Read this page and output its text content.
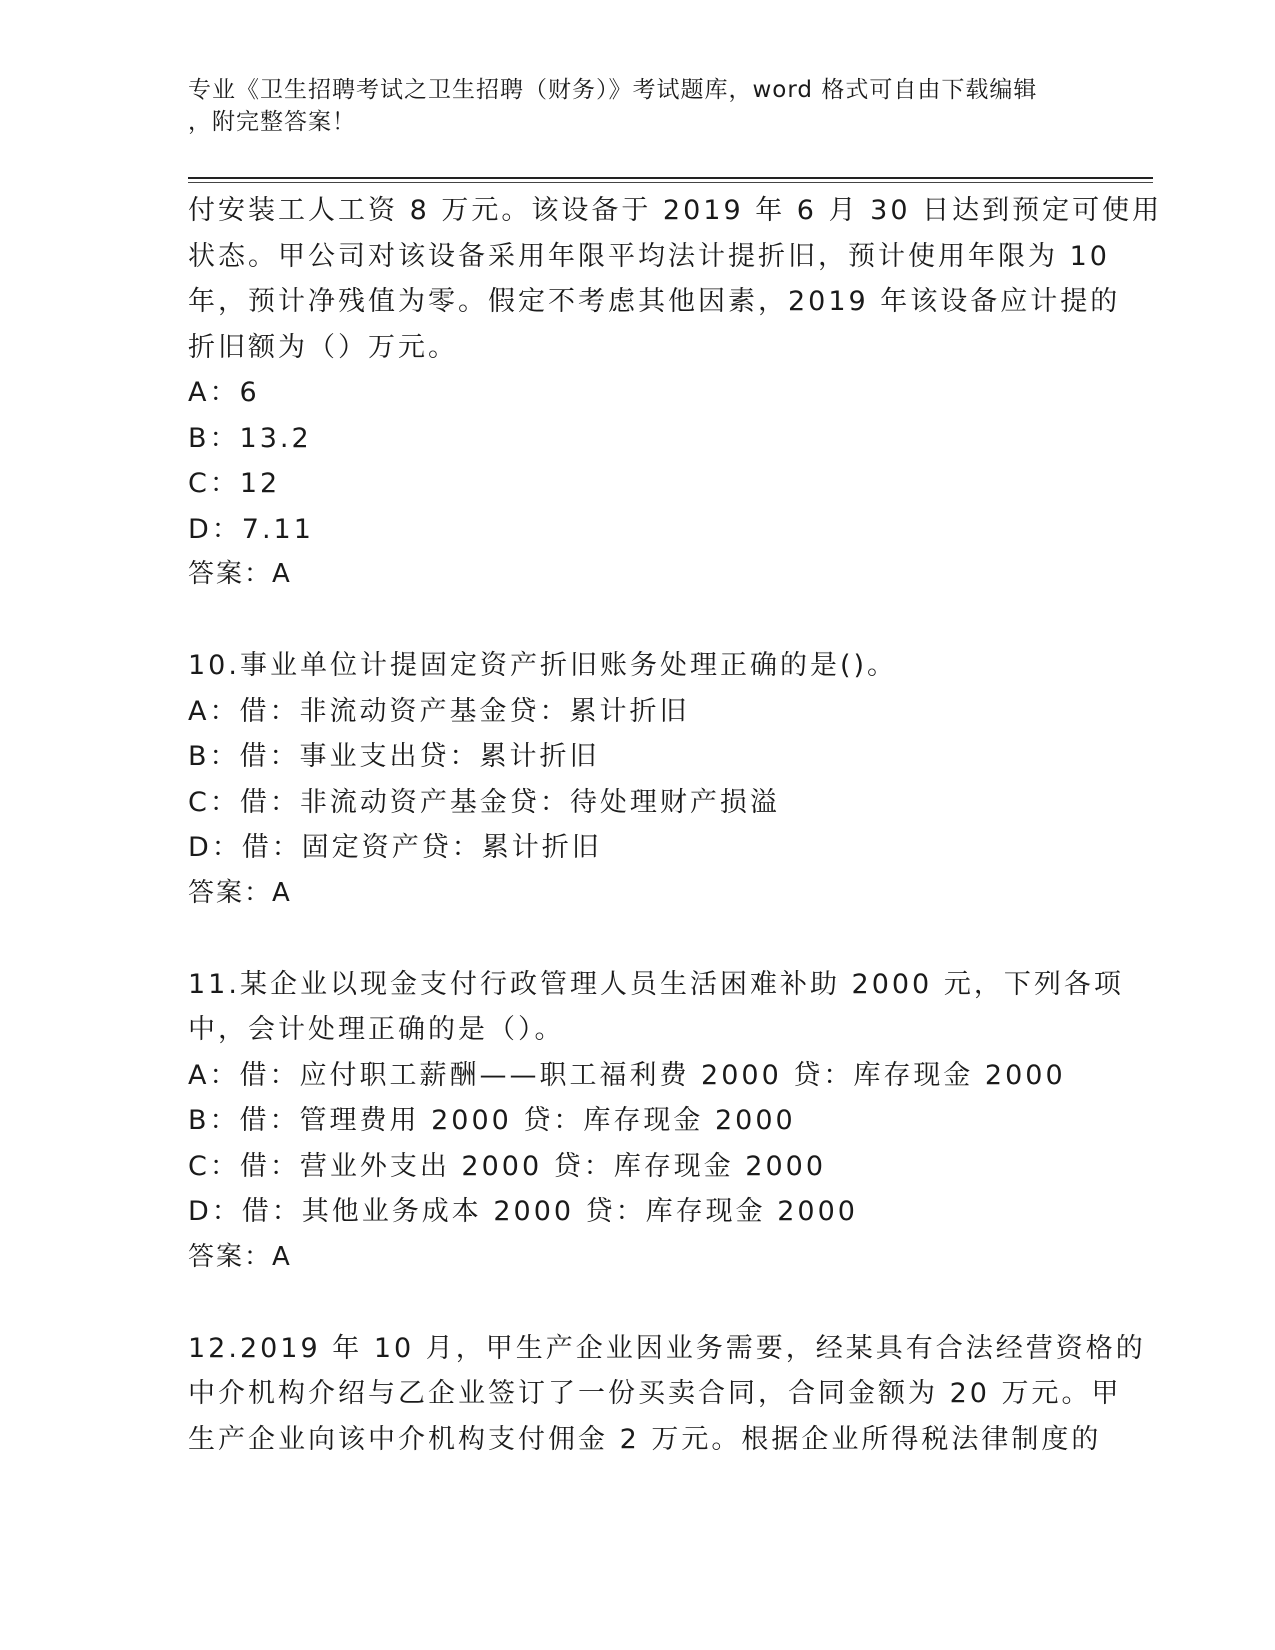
专业《卫生招聘考试之卫生招聘（财务）》考试题库，word 格式可自由下载编辑
，附完整答案！
付安装工人工资 8 万元。该设备于 2019 年 6 月 30 日达到预定可使用
状态。甲公司对该设备采用年限平均法计提折旧，预计使用年限为 10
年，预计净残值为零。假定不考虑其他因素，2019 年该设备应计提的
折旧额为（）万元。
A：6
B：13.2
C：12
D：7.11
答案：A
10.事业单位计提固定资产折旧账务处理正确的是()。
A：借：非流动资产基金贷：累计折旧
B：借：事业支出贷：累计折旧
C：借：非流动资产基金贷：待处理财产损溢
D：借：固定资产贷：累计折旧
答案：A
11.某企业以现金支付行政管理人员生活困难补助 2000 元，下列各项
中，会计处理正确的是（）。
A：借：应付职工薪酬——职工福利费 2000 贷：库存现金 2000
B：借：管理费用 2000 贷：库存现金 2000
C：借：营业外支出 2000 贷：库存现金 2000
D：借：其他业务成本 2000 贷：库存现金 2000
答案：A
12.2019 年 10 月，甲生产企业因业务需要，经某具有合法经营资格的
中介机构介绍与乙企业签订了一份买卖合同，合同金额为 20 万元。甲
生产企业向该中介机构支付佣金 2 万元。根据企业所得税法律制度的
